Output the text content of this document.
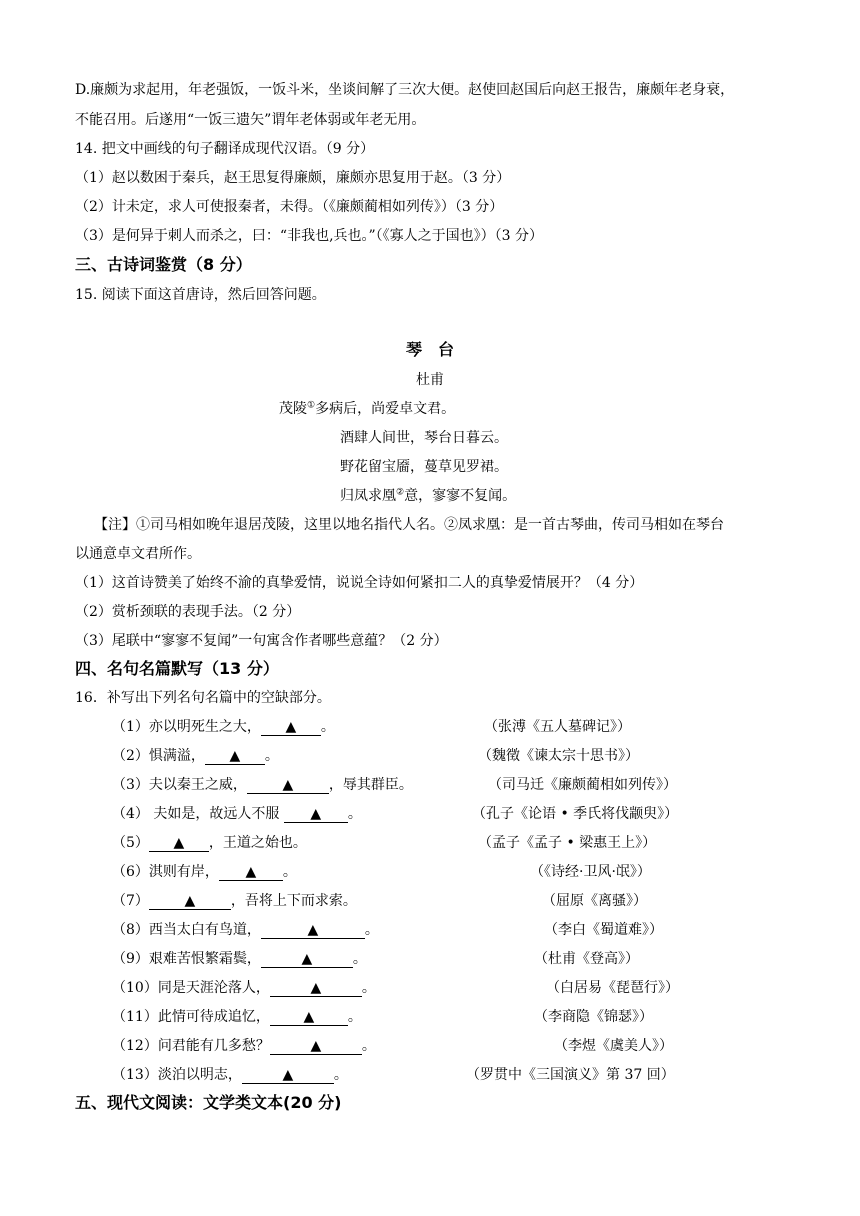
D.廉颇为求起用，年老强饭，一饭斗米，坐谈间解了三次大便。赵使回赵国后向赵王报告，廉颇年老身衰，
不能召用。后遂用“一饭三遗矢”谓年老体弱或年老无用。
14. 把文中画线的句子翻译成现代汉语。（9 分）
（1）赵以数困于秦兵，赵王思复得廉颇，廉颇亦思复用于赵。（3 分）
（2）计未定，求人可使报秦者，未得。（《廉颇蔺相如列传》）（3 分）
（3）是何异于刺人而杀之，曰：“非我也,兵也。”（《寡人之于国也》）（3 分）
三、古诗词鉴赏（8 分）
15. 阅读下面这首唐诗，然后回答问题。
琴　台
杜甫
茂陵①多病后，尚爱卓文君。
酒肆人间世，琴台日暮云。
野花留宝靥，蔓草见罗裙。
归凤求凰②意，寥寥不复闻。
【注】①司马相如晚年退居茂陵，这里以地名指代人名。②凤求凰：是一首古琴曲，传司马相如在琴台
以通意卓文君所作。
（1）这首诗赞美了始终不渝的真挚爱情，说说全诗如何紧扣二人的真挚爱情展开？（4 分）
（2）赏析颈联的表现手法。（2 分）
（3）尾联中“寥寥不复闻”一句寓含作者哪些意蕴？（2 分）
四、名句名篇默写（13 分）
16．补写出下列名句名篇中的空缺部分。
（1）亦以明死生之大， ▲ 。	（张溥《五人墓碑记》）
（2）惧满溢， ▲ 。	（魏徵《谏太宗十思书》）
（3）夫以秦王之威，	▲	，辱其群臣。	（司马迁《廉颇蔺相如列传》）
（4） 夫如是，故远人不服 ▲ 。	（孔子《论语 • 季氏将伐颛臾》）
（5） ▲ ，王道之始也。	（孟子《孟子 • 梁惠王上》）
（6）淇则有岸， ▲ 。	（《诗经·卫风·氓》）
（7）	▲	，吾将上下而求索。	（屈原《离骚》）
（8）西当太白有鸟道，	▲	。	（李白《蜀道难》）
（9）艰难苦恨繁霜鬓，	▲	。	（杜甫《登高》）
（10）同是天涯沦落人，	▲	。	（白居易《琵琶行》）
（11）此情可待成追忆， ▲ 。	（李商隐《锦瑟》）
（12）问君能有几多愁？	▲	。	（李煜《虞美人》）
（13）淡泊以明志，	▲	。	（罗贯中《三国演义》第 37 回）
五、现代文阅读：文学类文本(20 分)
